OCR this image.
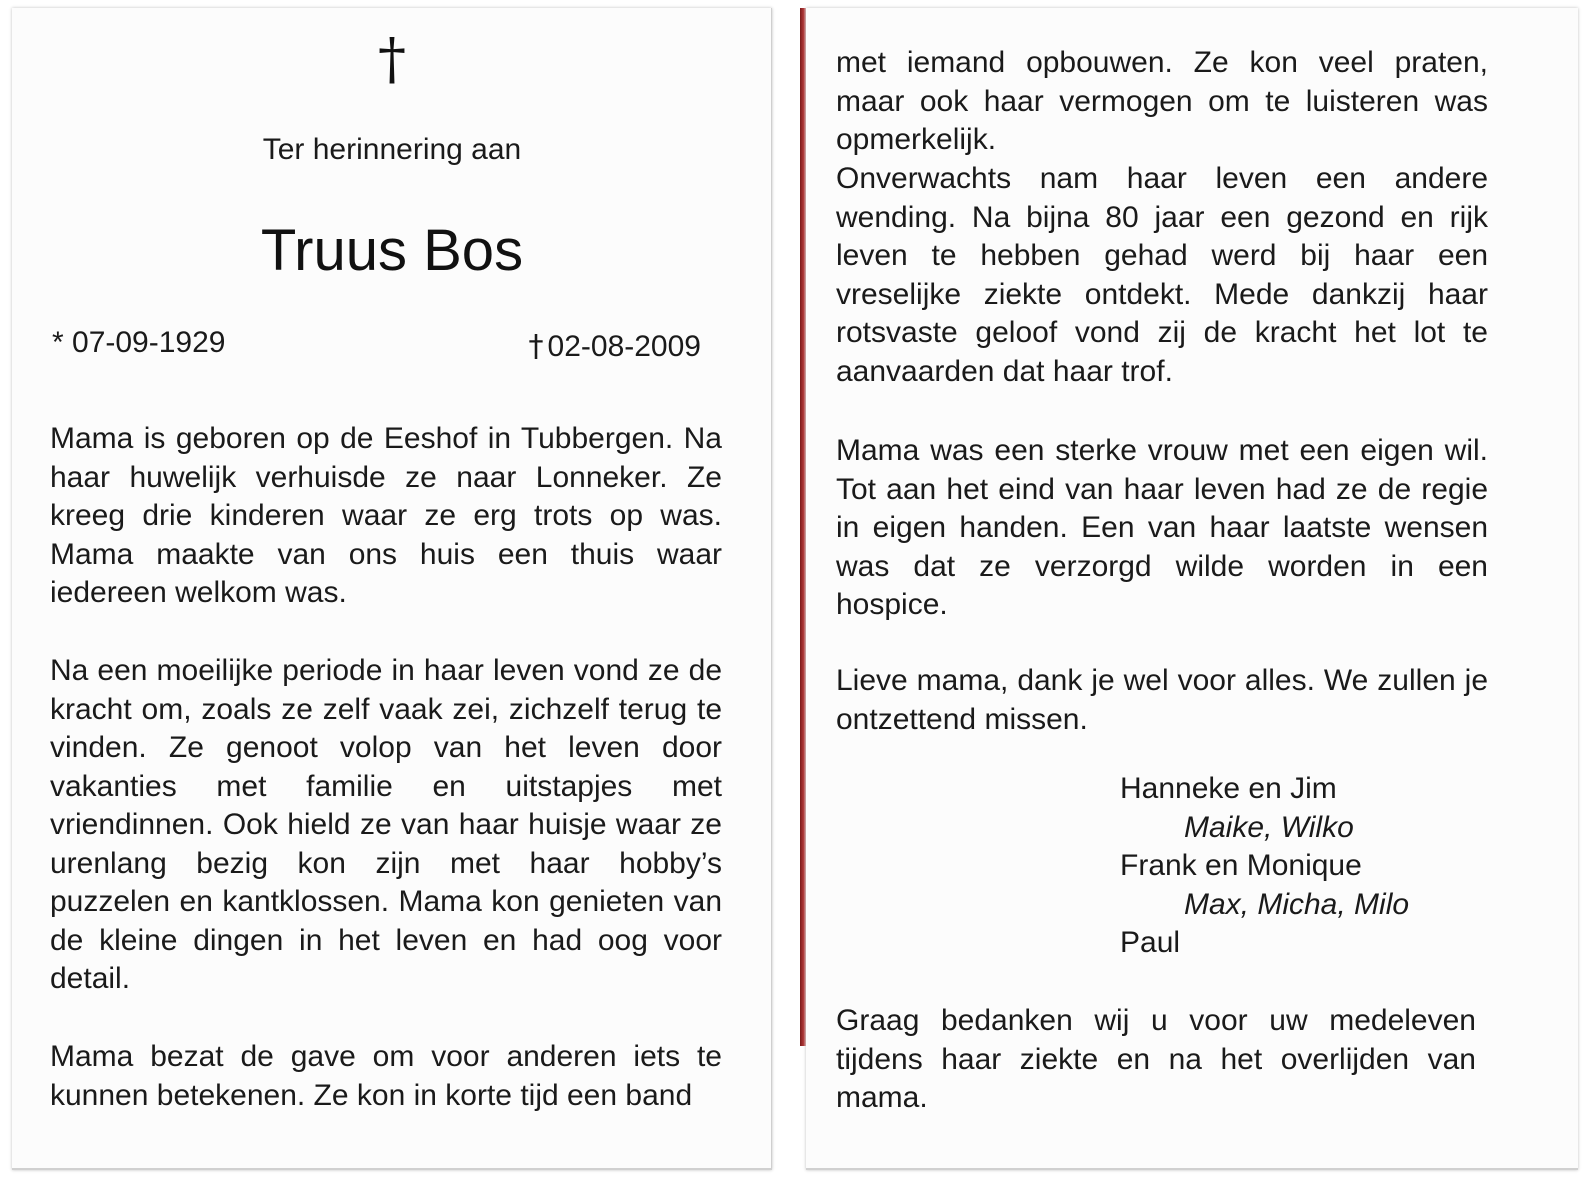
†
Ter herinnering aan
Truus Bos
* 07-09-1929	† 02-08-2009

Mama is geboren op de Eeshof in Tubbergen. Na haar huwelijk verhuisde ze naar Lonneker. Ze kreeg drie kinderen waar ze erg trots op was. Mama maakte van ons huis een thuis waar iedereen welkom was.

Na een moeilijke periode in haar leven vond ze de kracht om, zoals ze zelf vaak zei, zichzelf terug te vinden. Ze genoot volop van het leven door vakanties met familie en uitstapjes met vriendinnen. Ook hield ze van haar huisje waar ze urenlang bezig kon zijn met haar hobby’s puzzelen en kantklossen. Mama kon genieten van de kleine dingen in het leven en had oog voor detail.

Mama bezat de gave om voor anderen iets te kunnen betekenen. Ze kon in korte tijd een band

met iemand opbouwen. Ze kon veel praten, maar ook haar vermogen om te luisteren was opmerkelijk.

Onverwachts nam haar leven een andere wending. Na bijna 80 jaar een gezond en rijk leven te hebben gehad werd bij haar een vreselijke ziekte ontdekt. Mede dankzij haar rotsvaste geloof vond zij de kracht het lot te aanvaarden dat haar trof.

Mama was een sterke vrouw met een eigen wil. Tot aan het eind van haar leven had ze de regie in eigen handen. Een van haar laatste wensen was dat ze verzorgd wilde worden in een hospice.

Lieve mama, dank je wel voor alles. We zullen je ontzettend missen.

Hanneke en Jim
Maike, Wilko
Frank en Monique
Max, Micha, Milo
Paul

Graag bedanken wij u voor uw medeleven tijdens haar ziekte en na het overlijden van mama.
